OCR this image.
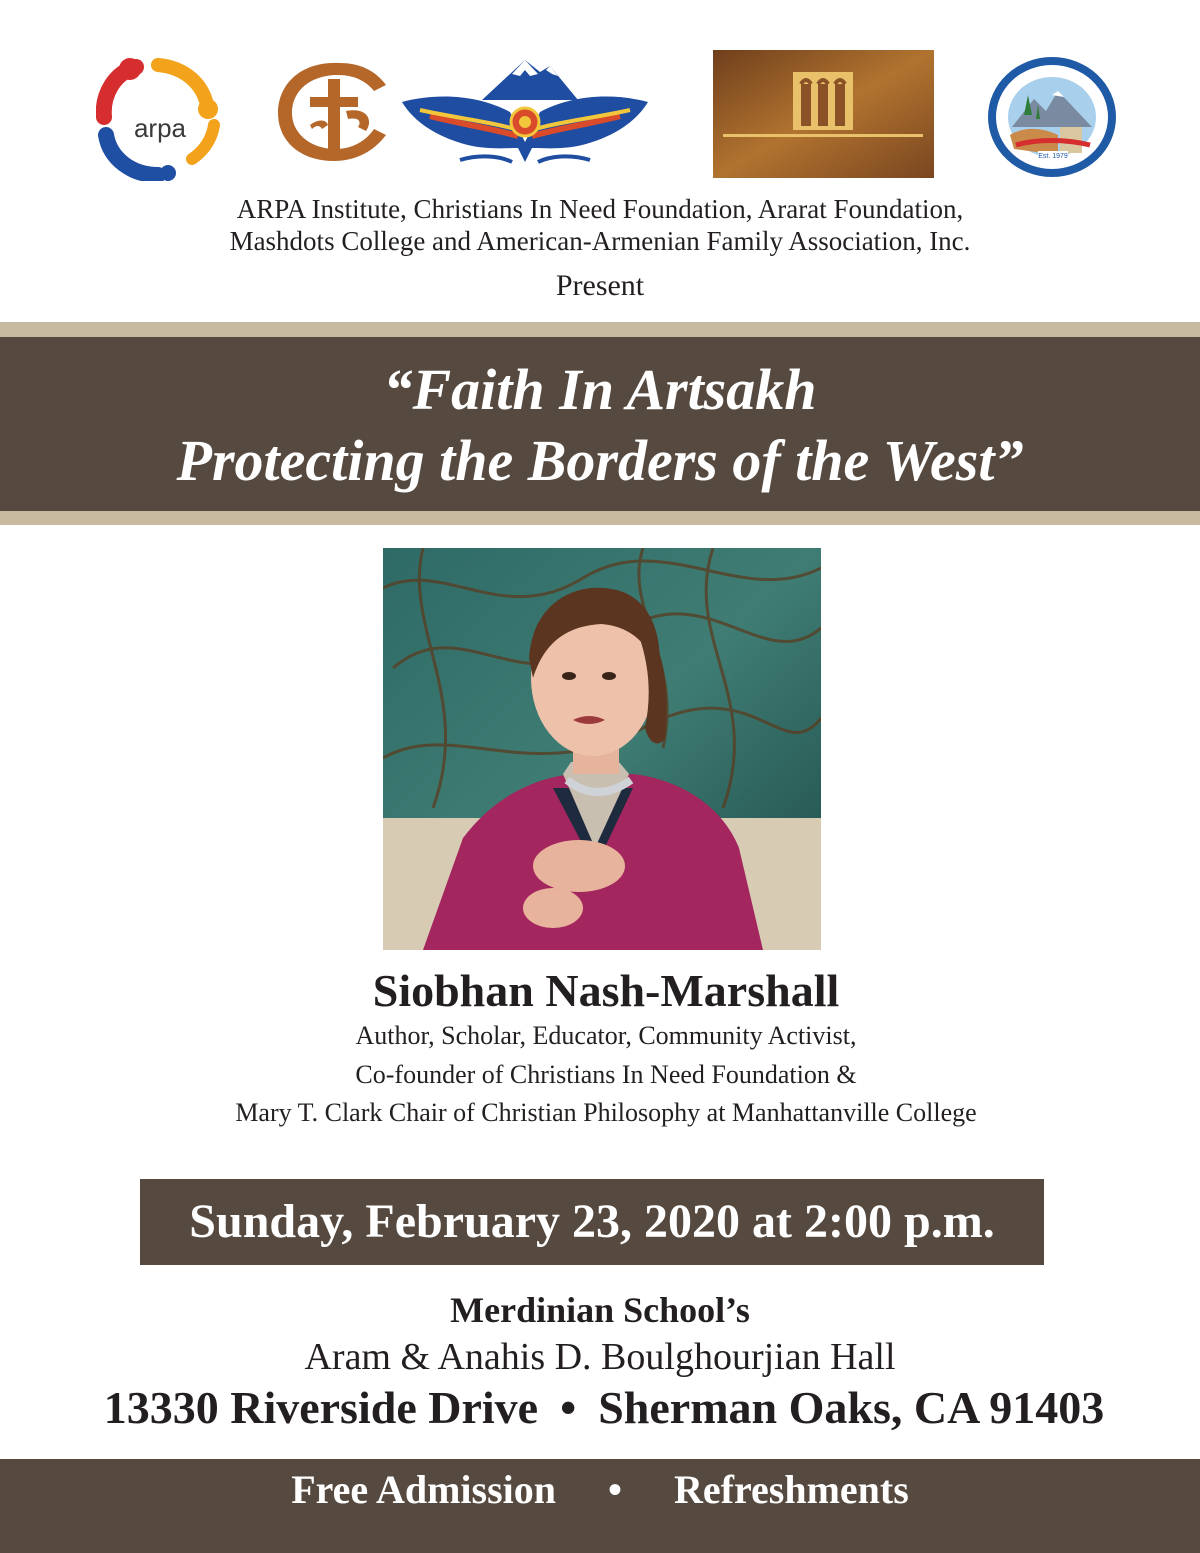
arpa
Est. 1979
ARPA Institute, Christians In Need Foundation, Ararat Foundation,
Mashdots College and American-Armenian Family Association, Inc.
Present
“Faith In Artsakh
Protecting the Borders of the West”
Siobhan Nash-Marshall
Author, Scholar, Educator, Community Activist,
Co-founder of Christians In Need Foundation &
Mary T. Clark Chair of Christian Philosophy at Manhattanville College
Sunday, February 23, 2020 at 2:00 p.m.
Merdinian School’s
Aram & Anahis D. Boulghourjian Hall
13330 Riverside Drive • Sherman Oaks, CA 91403
Free Admission • Refreshments
